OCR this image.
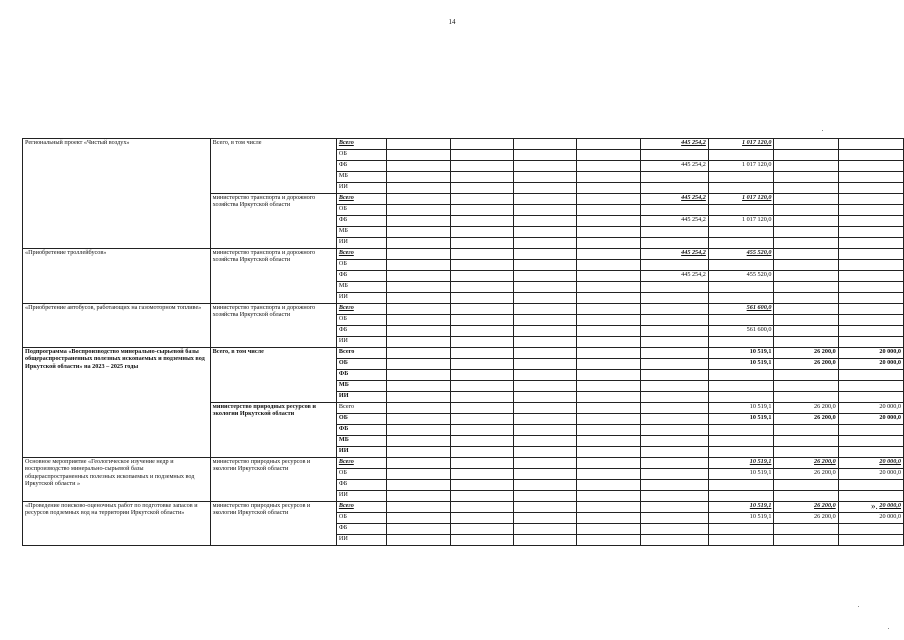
14
Региональный проект «Чистый воздух»	Всего, в том числе	Всего					445 254,2	1 017 120,0		
		ОБ								
		ФБ					445 254,2	1 017 120,0		
		МБ								
		ИИ								
	министерство транспорта и дорожного хозяйства Иркутской области	Всего					445 254,2	1 017 120,0		
		ОБ								
		ФБ					445 254,2	1 017 120,0		
		МБ								
		ИИ								
«Приобретение троллейбусов»	министерство транспорта и дорожного хозяйства Иркутской области	Всего					445 254,2	455 520,0		
		ОБ								
		ФБ					445 254,2	455 520,0		
		МБ								
		ИИ								
«Приобретение автобусов, работающих на газомоторном топливе»	министерство транспорта и дорожного хозяйства Иркутской области	Всего						561 600,0		
		ОБ								
		ФБ						561 600,0		
		ИИ								
Подпрограмма «Воспроизводство минерально-сырьевой базы общераспространенных полезных ископаемых и подземных вод Иркутской области» на 2023 – 2025 годы	Всего, в том числе	Всего						10 519,1	26 200,0	20 000,0
		ОБ						10 519,1	26 200,0	20 000,0
		ФБ								
		МБ								
		ИИ								
	министерство природных ресурсов и экологии Иркутской области	Всего						10 519,1	26 200,0	20 000,0
		ОБ						10 519,1	26 200,0	20 000,0
		ФБ								
		МБ								
		ИИ								
Основное мероприятие «Геологическое изучение недр и воспроизводство минерально-сырьевой базы общераспространенных полезных ископаемых и подземных вод Иркутской области »	министерство природных ресурсов и экологии Иркутской области	Всего						10 519,1	26 200,0	20 000,0
		ОБ						10 519,1	26 200,0	20 000,0
		ФБ								
		ИИ								
«Проведение поисково-оценочных работ по подготовке запасов и ресурсов подземных вод на территории Иркутской области»	министерство природных ресурсов и экологии Иркутской области	Всего						10 519,1	26 200,0	20 000,0
		ОБ						10 519,1	26 200,0	20 000,0
		ФБ								
		ИИ								
».
